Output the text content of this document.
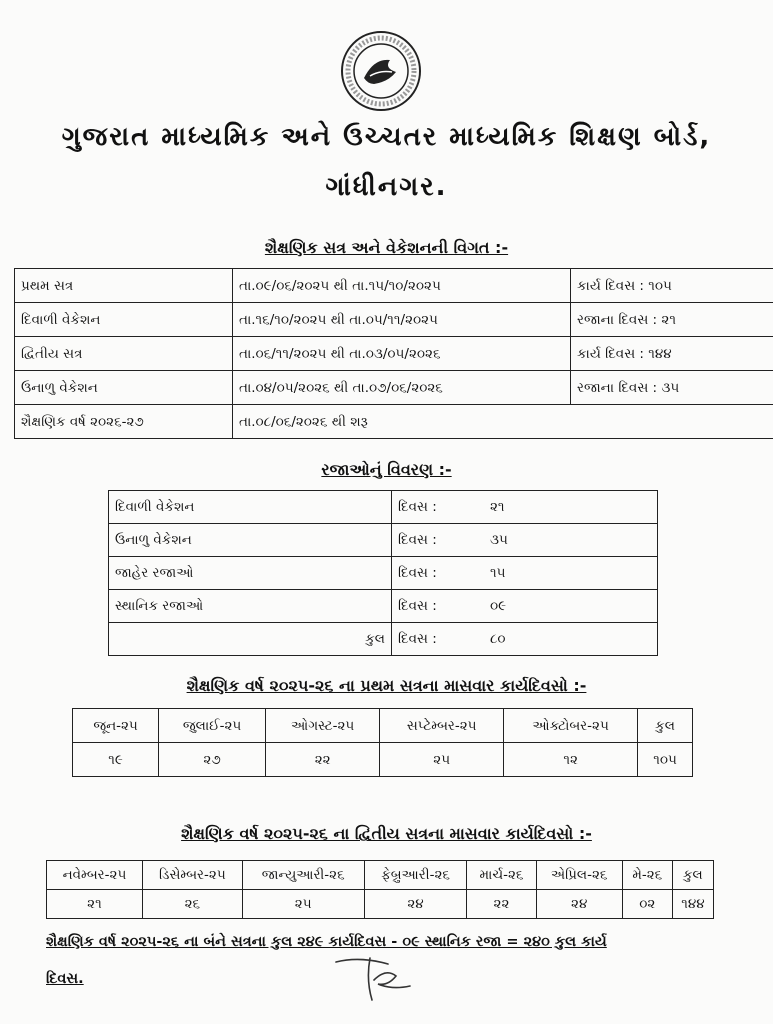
ગુજરાત માધ્યમિક અને ઉચ્ચતર માધ્યમિક શિક્ષણ બોર્ડ,
ગાંધીનગર.
શૈક્ષણિક સત્ર અને વેકેશનની વિગત :-
પ્રથમ સત્ર	તા.૦૯/૦૬/૨૦૨૫ થી તા.૧૫/૧૦/૨૦૨૫	કાર્ય દિવસ : ૧૦૫
દિવાળી વેકેશન	તા.૧૬/૧૦/૨૦૨૫ થી તા.૦૫/૧૧/૨૦૨૫	રજાના દિવસ : ૨૧
દ્વિતીય સત્ર	તા.૦૬/૧૧/૨૦૨૫ થી તા.૦૩/૦૫/૨૦૨૬	કાર્ય દિવસ : ૧૪૪
ઉનાળુ વેકેશન	તા.૦૪/૦૫/૨૦૨૬ થી તા.૦૭/૦૬/૨૦૨૬	રજાના દિવસ : ૩૫
શૈક્ષણિક વર્ષ ૨૦૨૬-૨૭	તા.૦૮/૦૬/૨૦૨૬ થી શરૂ	
રજાઓનું વિવરણ :-
દિવાળી વેકેશન	દિવસ :	૨૧
ઉનાળુ વેકેશન	દિવસ :	૩૫
જાહેર રજાઓ	દિવસ :	૧૫
સ્થાનિક રજાઓ	દિવસ :	૦૯
કુલ	દિવસ :	૮૦
શૈક્ષણિક વર્ષ ૨૦૨૫-૨૬ ના પ્રથમ સત્રના માસવાર કાર્યદિવસો :-
જૂન-૨૫	જુલાઈ-૨૫	ઓગસ્ટ-૨૫	સપ્ટેમ્બર-૨૫	ઓક્ટોબર-૨૫	કુલ
૧૯	૨૭	૨૨	૨૫	૧૨	૧૦૫
શૈક્ષણિક વર્ષ ૨૦૨૫-૨૬ ના દ્વિતીય સત્રના માસવાર કાર્યદિવસો :-
નવેમ્બર-૨૫	ડિસેમ્બર-૨૫	જાન્યુઆરી-૨૬	ફેબ્રુઆરી-૨૬	માર્ચ-૨૬	એપ્રિલ-૨૬	મે-૨૬	કુલ
૨૧	૨૬	૨૫	૨૪	૨૨	૨૪	૦૨	૧૪૪
શૈક્ષણિક વર્ષ ૨૦૨૫-૨૬ ના બંને સત્રના કુલ ૨૪૯ કાર્યદિવસ - ૦૯ સ્થાનિક રજા = ૨૪૦ કુલ કાર્ય
દિવસ.
